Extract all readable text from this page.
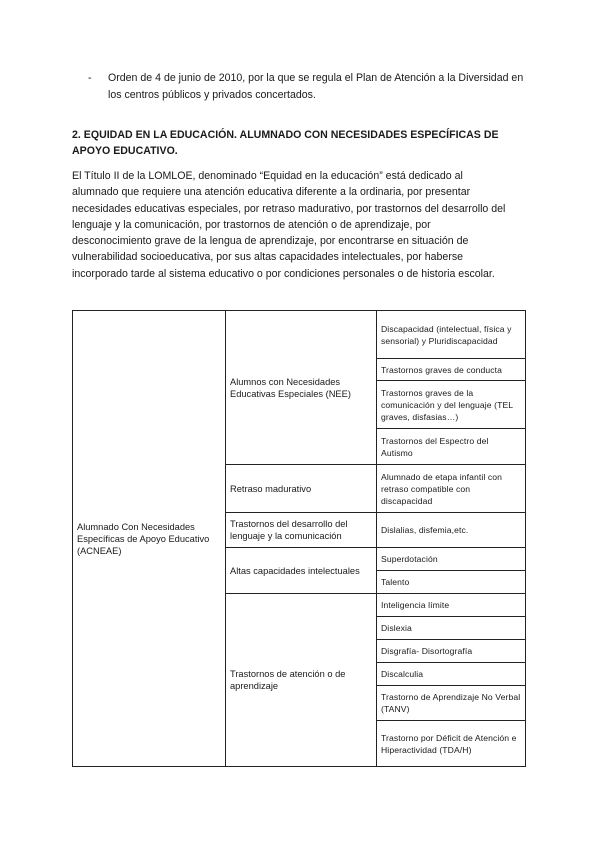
- Orden de 4 de junio de 2010, por la que se regula el Plan de Atención a la Diversidad en los centros públicos y privados concertados.
2. EQUIDAD EN LA EDUCACIÓN. ALUMNADO CON NECESIDADES ESPECÍFICAS DE APOYO EDUCATIVO.
El Título II de la LOMLOE, denominado “Equidad en la educación” está dedicado al
alumnado que requiere una atención educativa diferente a la ordinaria, por presentar
necesidades educativas especiales, por retraso madurativo, por trastornos del desarrollo del
lenguaje y la comunicación, por trastornos de atención o de aprendizaje, por
desconocimiento grave de la lengua de aprendizaje, por encontrarse en situación de
vulnerabilidad socioeducativa, por sus altas capacidades intelectuales, por haberse
incorporado tarde al sistema educativo o por condiciones personales o de historia escolar.
Alumnado Con Necesidades Específicas de Apoyo Educativo (ACNEAE)	Alumnos con Necesidades Educativas Especiales (NEE)	Discapacidad (intelectual, física y sensorial) y Pluridiscapacidad
		Trastornos graves de conducta
		Trastornos graves de la comunicación y del lenguaje (TEL graves, disfasias…)
		Trastornos del Espectro del Autismo
	Retraso madurativo	Alumnado de etapa infantil con retraso compatible con discapacidad
	Trastornos del desarrollo del lenguaje y la comunicación	Dislalias, disfemia,etc.
	Altas capacidades intelectuales	Superdotación
		Talento
	Trastornos de atención o de aprendizaje	Inteligencia límite
		Dislexia
		Disgrafía- Disortografía
		Discalculia
		Trastorno de Aprendizaje No Verbal (TANV)
		Trastorno por Déficit de Atención e Hiperactividad (TDA/H)
